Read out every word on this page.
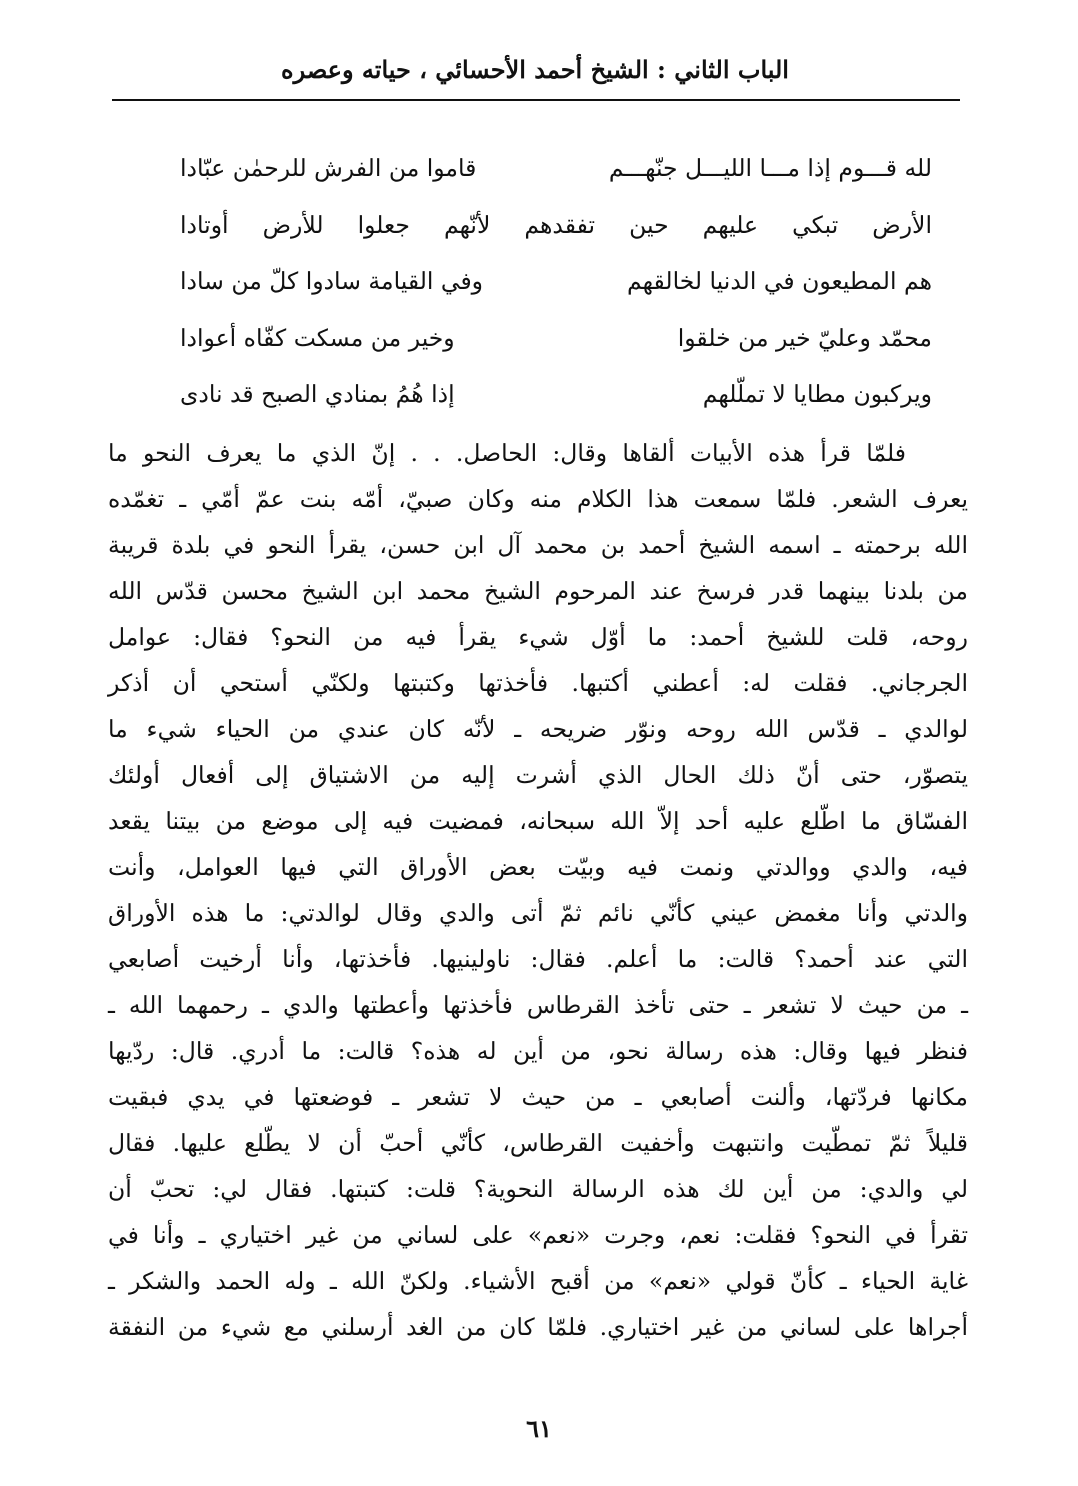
الباب الثاني : الشيخ أحمد الأحسائي ، حياته وعصره
لله قـــوم إذا مـــا الليـــل جنّهـــم
قاموا من الفرش للرحمٰن عبّادا
الأرض تبكي عليهم حين تفقدهم لأنّهم جعلوا للأرض أوتادا
هم المطيعون في الدنيا لخالقهم
وفي القيامة سادوا كلّ من سادا
محمّد وعليّ خير من خلقوا
وخير من مسكت كفّاه أعوادا
ويركبون مطايا لا تملّلهم
إذا هُمُ بمنادي الصبح قد نادى
فلمّا قرأ هذه الأبيات ألقاها وقال: الحاصل. . . إنّ الذي ما يعرف النحو ما
يعرف الشعر. فلمّا سمعت هذا الكلام منه وكان صبيّ، أمّه بنت عمّ أمّي ـ تغمّده
الله برحمته ـ اسمه الشيخ أحمد بن محمد آل ابن حسن، يقرأ النحو في بلدة قريبة
من بلدنا بينهما قدر فرسخ عند المرحوم الشيخ محمد ابن الشيخ محسن قدّس الله
روحه، قلت للشيخ أحمد: ما أوّل شيء يقرأ فيه من النحو؟ فقال: عوامل
الجرجاني. فقلت له: أعطني أكتبها. فأخذتها وكتبتها ولكنّي أستحي أن أذكر
لوالدي ـ قدّس الله روحه ونوّر ضريحه ـ لأنّه كان عندي من الحياء شيء ما
يتصوّر، حتى أنّ ذلك الحال الذي أشرت إليه من الاشتياق إلى أفعال أولئك
الفسّاق ما اطّلع عليه أحد إلاّ الله سبحانه، فمضيت فيه إلى موضع من بيتنا يقعد
فيه، والدي ووالدتي ونمت فيه وبيّت بعض الأوراق التي فيها العوامل، وأنت
والدتي وأنا مغمض عيني كأنّي نائم ثمّ أتى والدي وقال لوالدتي: ما هذه الأوراق
التي عند أحمد؟ قالت: ما أعلم. فقال: ناولينيها. فأخذتها، وأنا أرخيت أصابعي
ـ من حيث لا تشعر ـ حتى تأخذ القرطاس فأخذتها وأعطتها والدي ـ رحمهما الله ـ
فنظر فيها وقال: هذه رسالة نحو، من أين له هذه؟ قالت: ما أدري. قال: ردّيها
مكانها فردّتها، وألنت أصابعي ـ من حيث لا تشعر ـ فوضعتها في يدي فبقيت
قليلاً ثمّ تمطّيت وانتبهت وأخفيت القرطاس، كأنّي أحبّ أن لا يطّلع عليها. فقال
لي والدي: من أين لك هذه الرسالة النحوية؟ قلت: كتبتها. فقال لي: تحبّ أن
تقرأ في النحو؟ فقلت: نعم، وجرت «نعم» على لساني من غير اختياري ـ وأنا في
غاية الحياء ـ كأنّ قولي «نعم» من أقبح الأشياء. ولكنّ الله ـ وله الحمد والشكر ـ
أجراها على لساني من غير اختياري. فلمّا كان من الغد أرسلني مع شيء من النفقة
٦١
